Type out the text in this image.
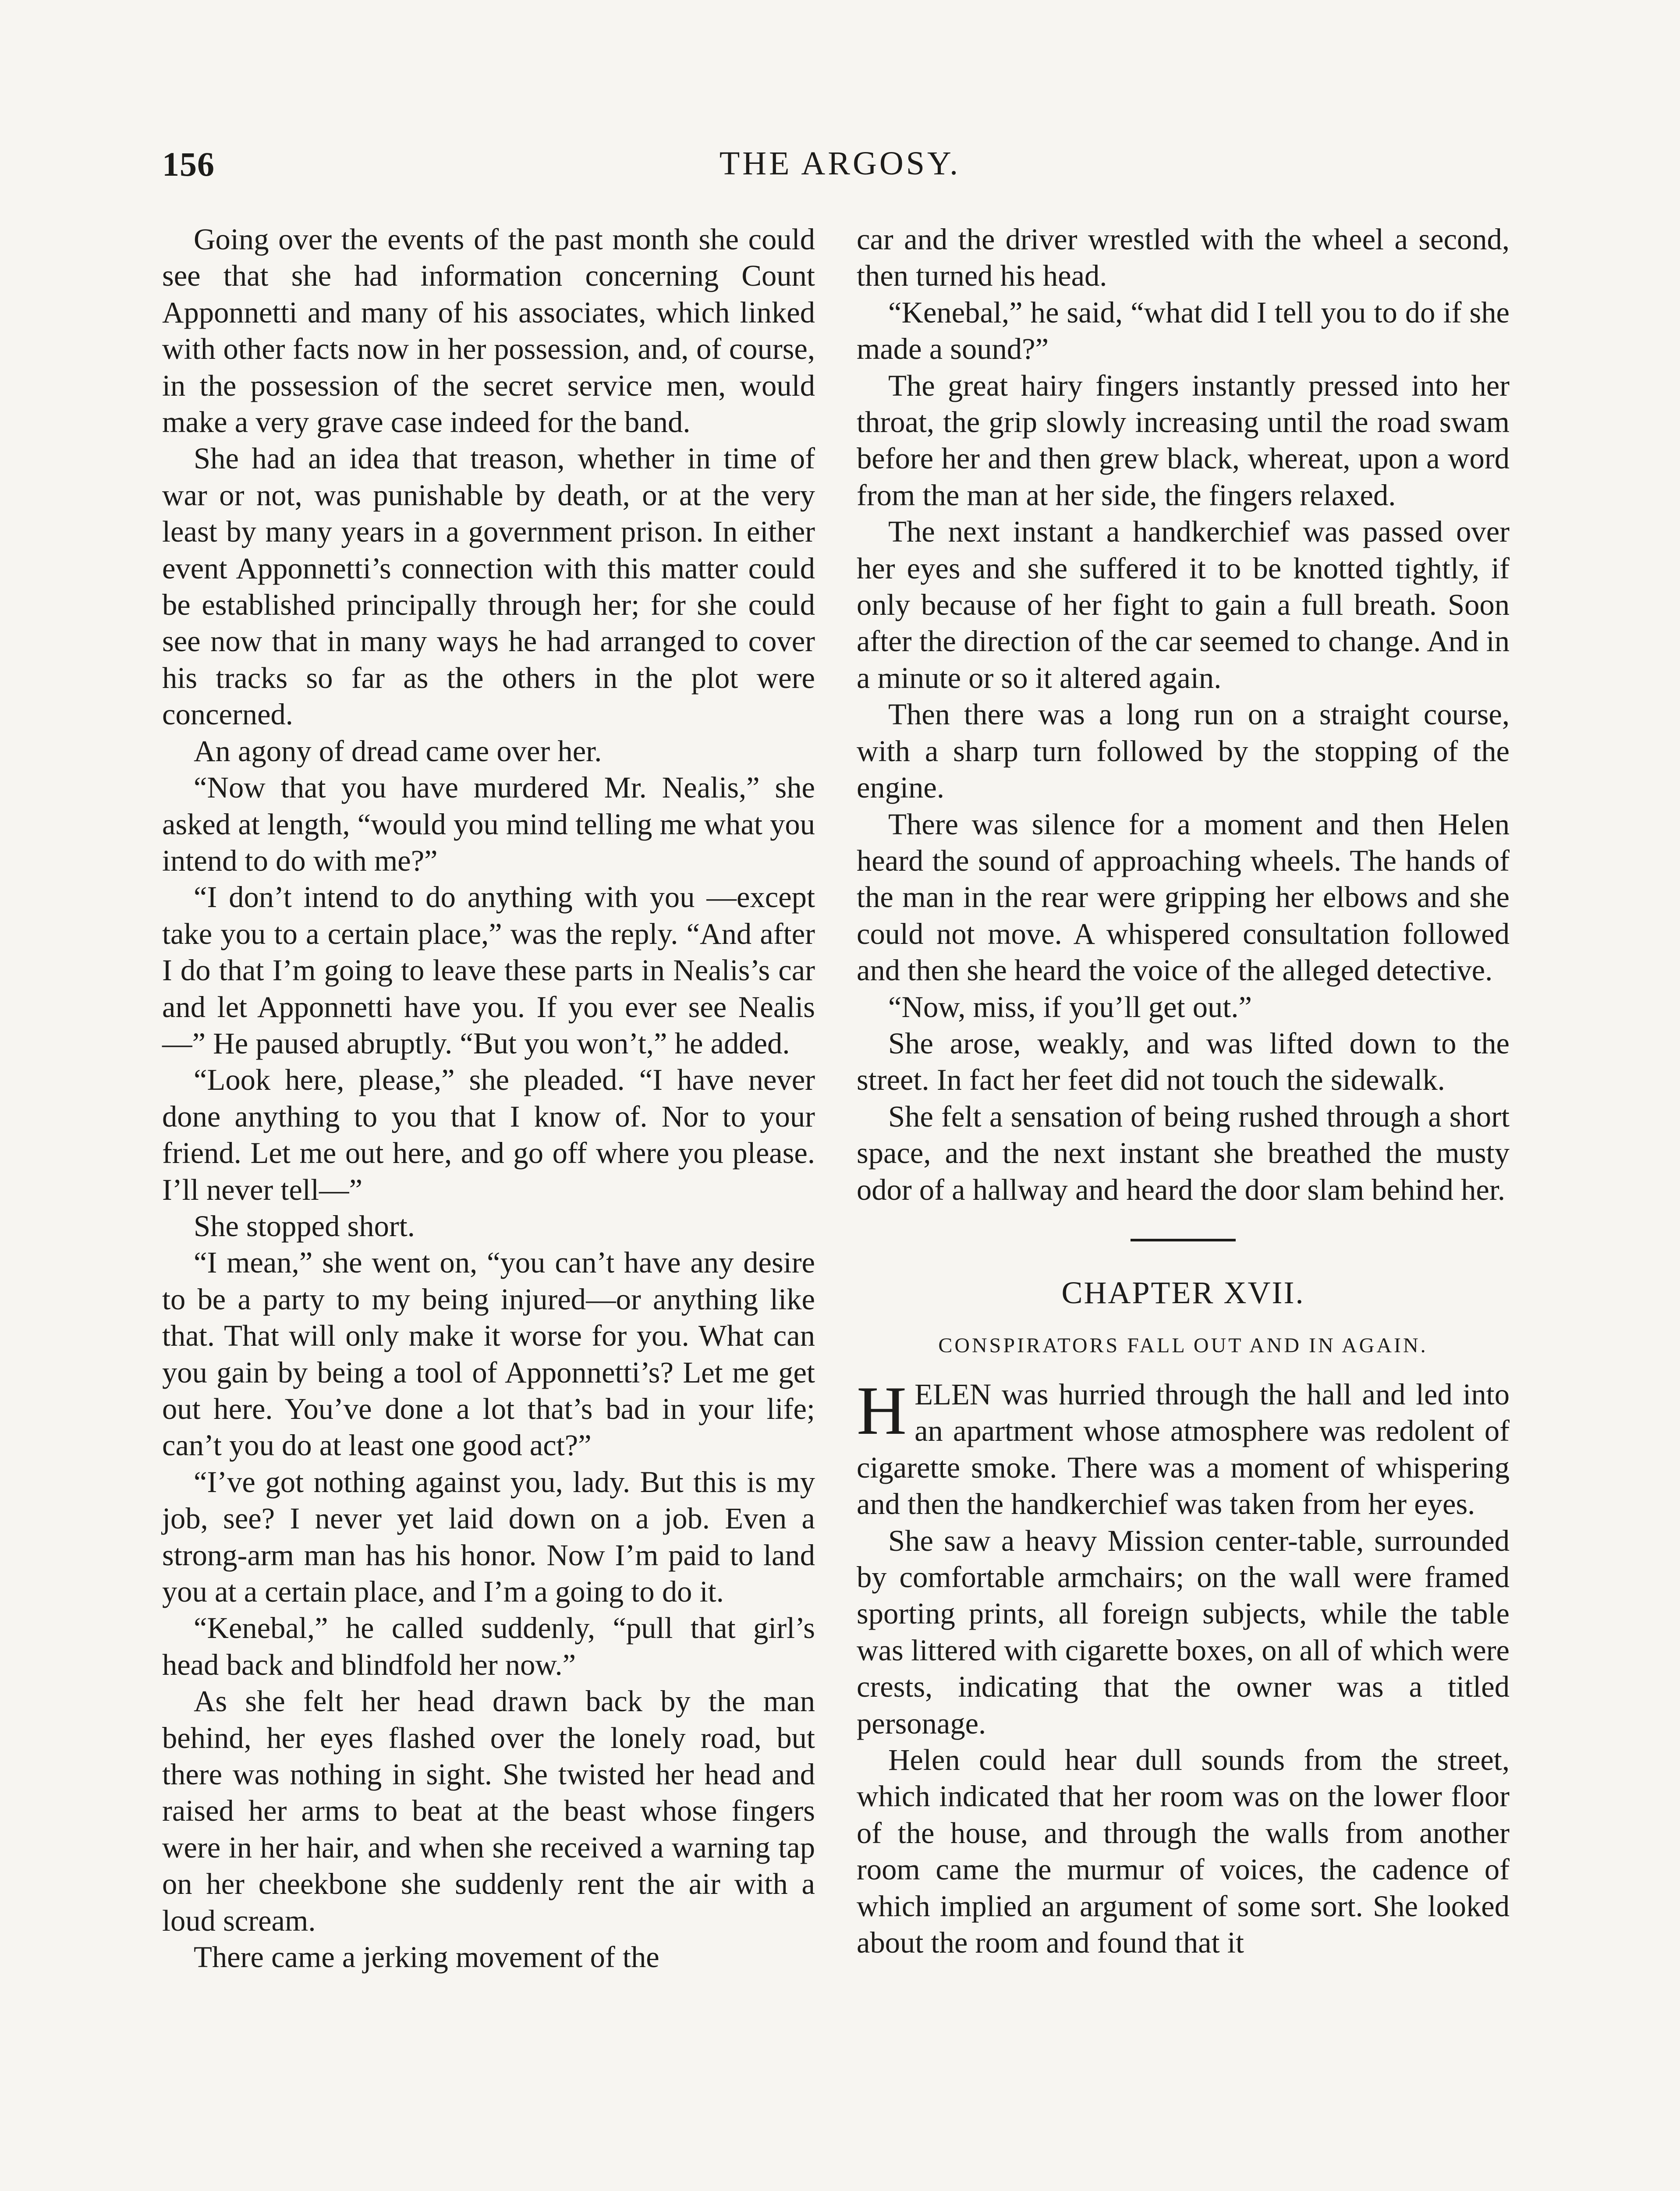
THE ARGOSY.
156

Going over the events of the past month she could see that she had information concerning Count Apponnetti and many of his associates, which linked with other facts now in her possession, and, of course, in the possession of the secret service men, would make a very grave case indeed for the band.

She had an idea that treason, whether in time of war or not, was punishable by death, or at the very least by many years in a government prison. In either event Apponnetti’s connection with this matter could be established principally through her; for she could see now that in many ways he had arranged to cover his tracks so far as the others in the plot were concerned.

An agony of dread came over her.

“Now that you have murdered Mr. Nealis,” she asked at length, “would you mind telling me what you intend to do with me?”

“I don’t intend to do anything with you —except take you to a certain place,” was the reply. “And after I do that I’m going to leave these parts in Nealis’s car and let Apponnetti have you. If you ever see Nealis—” He paused abruptly. “But you won’t,” he added.

“Look here, please,” she pleaded. “I have never done anything to you that I know of. Nor to your friend. Let me out here, and go off where you please. I’ll never tell—”

She stopped short.

“I mean,” she went on, “you can’t have any desire to be a party to my being injured—or anything like that. That will only make it worse for you. What can you gain by being a tool of Apponnetti’s? Let me get out here. You’ve done a lot that’s bad in your life; can’t you do at least one good act?”

“I’ve got nothing against you, lady. But this is my job, see? I never yet laid down on a job. Even a strong-arm man has his honor. Now I’m paid to land you at a certain place, and I’m a going to do it.

“Kenebal,” he called suddenly, “pull that girl’s head back and blindfold her now.”

As she felt her head drawn back by the man behind, her eyes flashed over the lonely road, but there was nothing in sight. She twisted her head and raised her arms to beat at the beast whose fingers were in her hair, and when she received a warning tap on her cheekbone she suddenly rent the air with a loud scream.

There came a jerking movement of the

car and the driver wrestled with the wheel a second, then turned his head.

“Kenebal,” he said, “what did I tell you to do if she made a sound?”

The great hairy fingers instantly pressed into her throat, the grip slowly increasing until the road swam before her and then grew black, whereat, upon a word from the man at her side, the fingers relaxed.

The next instant a handkerchief was passed over her eyes and she suffered it to be knotted tightly, if only because of her fight to gain a full breath. Soon after the direction of the car seemed to change. And in a minute or so it altered again.

Then there was a long run on a straight course, with a sharp turn followed by the stopping of the engine.

There was silence for a moment and then Helen heard the sound of approaching wheels. The hands of the man in the rear were gripping her elbows and she could not move. A whispered consultation followed and then she heard the voice of the alleged detective.

“Now, miss, if you’ll get out.”

She arose, weakly, and was lifted down to the street. In fact her feet did not touch the sidewalk.

She felt a sensation of being rushed through a short space, and the next instant she breathed the musty odor of a hallway and heard the door slam behind her.

CHAPTER XVII.
CONSPIRATORS FALL OUT AND IN AGAIN.

HELEN was hurried through the hall and led into an apartment whose atmosphere was redolent of cigarette smoke. There was a moment of whispering and then the handkerchief was taken from her eyes.

She saw a heavy Mission center-table, surrounded by comfortable armchairs; on the wall were framed sporting prints, all foreign subjects, while the table was littered with cigarette boxes, on all of which were crests, indicating that the owner was a titled personage.

Helen could hear dull sounds from the street, which indicated that her room was on the lower floor of the house, and through the walls from another room came the murmur of voices, the cadence of which implied an argument of some sort. She looked about the room and found that it
